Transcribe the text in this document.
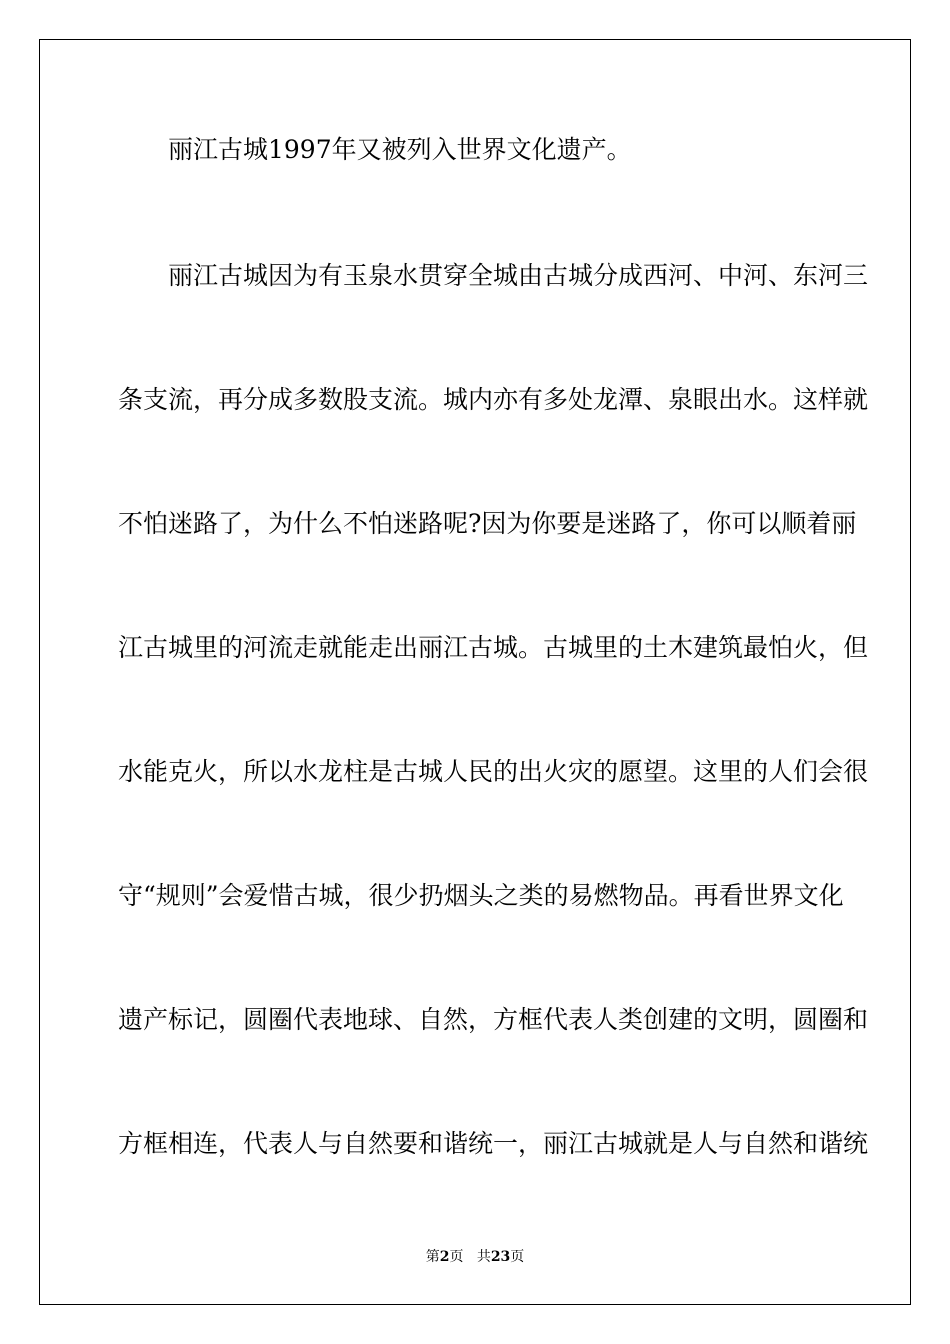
丽江古城1997年又被列入世界文化遗产。
丽江古城因为有玉泉水贯穿全城由古城分成西河、中河、东河三
条支流，再分成多数股支流。城内亦有多处龙潭、泉眼出水。这样就
不怕迷路了，为什么不怕迷路呢?因为你要是迷路了，你可以顺着丽
江古城里的河流走就能走出丽江古城。古城里的土木建筑最怕火，但
水能克火，所以水龙柱是古城人民的出火灾的愿望。这里的人们会很
守“规则”会爱惜古城，很少扔烟头之类的易燃物品。再看世界文化
遗产标记，圆圈代表地球、自然，方框代表人类创建的文明，圆圈和
方框相连，代表人与自然要和谐统一，丽江古城就是人与自然和谐统
第2页 共23页
